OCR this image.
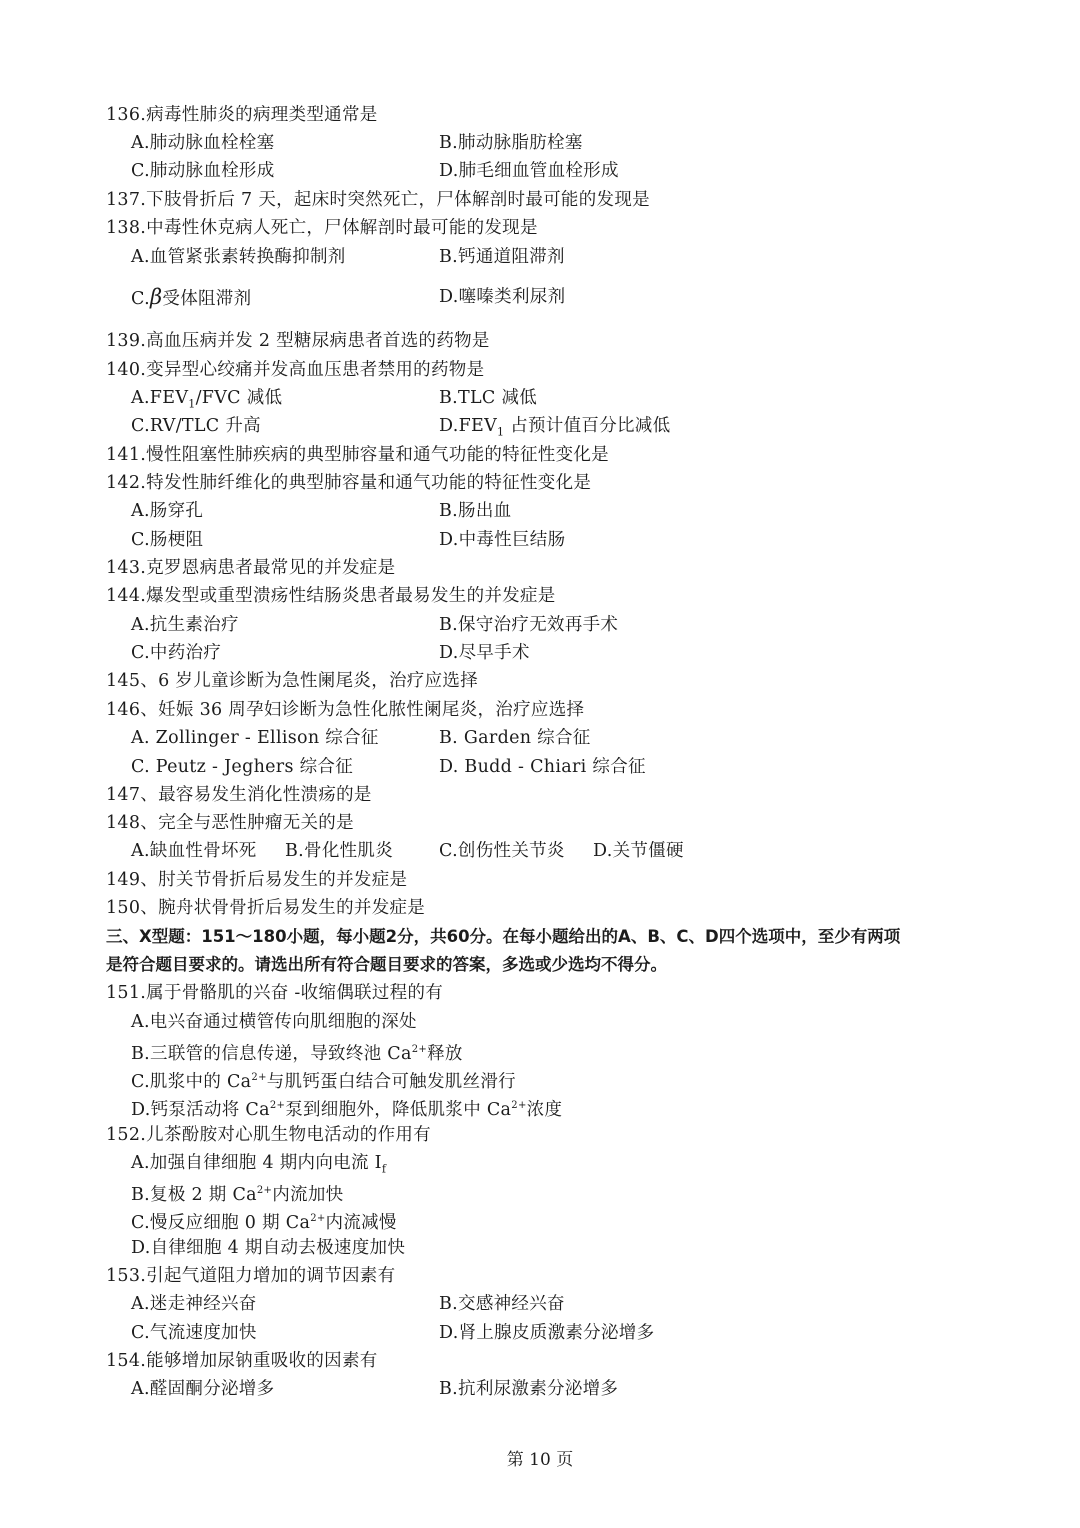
136.病毒性肺炎的病理类型通常是
A.肺动脉血栓栓塞	B.肺动脉脂肪栓塞
C.肺动脉血栓形成	D.肺毛细血管血栓形成
137.下肢骨折后 7 天，起床时突然死亡，尸体解剖时最可能的发现是
138.中毒性休克病人死亡，尸体解剖时最可能的发现是
A.血管紧张素转换酶抑制剂	B.钙通道阻滞剂
C.β受体阻滞剂	D.噻嗪类利尿剂
139.高血压病并发 2 型糖尿病患者首选的药物是
140.变异型心绞痛并发高血压患者禁用的药物是
$A.FEV_1$/FVC 减低	B.TLC 减低
C.RV/TLC 升高	$D.FEV_1$ 占预计值百分比减低
141.慢性阻塞性肺疾病的典型肺容量和通气功能的特征性变化是
142.特发性肺纤维化的典型肺容量和通气功能的特征性变化是
A.肠穿孔	B.肠出血
C.肠梗阻	D.中毒性巨结肠
143.克罗恩病患者最常见的并发症是
144.爆发型或重型溃疡性结肠炎患者最易发生的并发症是
A.抗生素治疗	B.保守治疗无效再手术
C.中药治疗	D.尽早手术
145、6 岁儿童诊断为急性阑尾炎，治疗应选择
146、妊娠 36 周孕妇诊断为急性化脓性阑尾炎，治疗应选择
A. Zollinger - Ellison 综合征	B. Garden 综合征
C. Peutz - Jeghers 综合征	D. Budd - Chiari 综合征
147、最容易发生消化性溃疡的是
148、完全与恶性肿瘤无关的是
A.缺血性骨坏死 B.骨化性肌炎	C.创伤性关节炎 D.关节僵硬
149、肘关节骨折后易发生的并发症是
150、腕舟状骨骨折后易发生的并发症是
三、X型题：151～180小题，每小题2分，共60分。在每小题给出的A、B、C、D四个选项中，至少有两项
是符合题目要求的。请选出所有符合题目要求的答案，多选或少选均不得分。
151.属于骨骼肌的兴奋 -收缩偶联过程的有
A.电兴奋通过横管传向肌细胞的深处
B.三联管的信息传递，导致终池 $Ca^{2+}$释放
C.肌浆中的 $Ca^{2+}$与肌钙蛋白结合可触发肌丝滑行
D.钙泵活动将 $Ca^{2+}$泵到细胞外，降低肌浆中 $Ca^{2+}$浓度
152.儿茶酚胺对心肌生物电活动的作用有
A.加强自律细胞 4 期内向电流 $I_f$
B.复极 2 期 $Ca^{2+}$内流加快
C.慢反应细胞 0 期 $Ca^{2+}$内流减慢
D.自律细胞 4 期自动去极速度加快
153.引起气道阻力增加的调节因素有
A.迷走神经兴奋	B.交感神经兴奋
C.气流速度加快	D.肾上腺皮质激素分泌增多
154.能够增加尿钠重吸收的因素有
A.醛固酮分泌增多	B.抗利尿激素分泌增多
第 10 页
